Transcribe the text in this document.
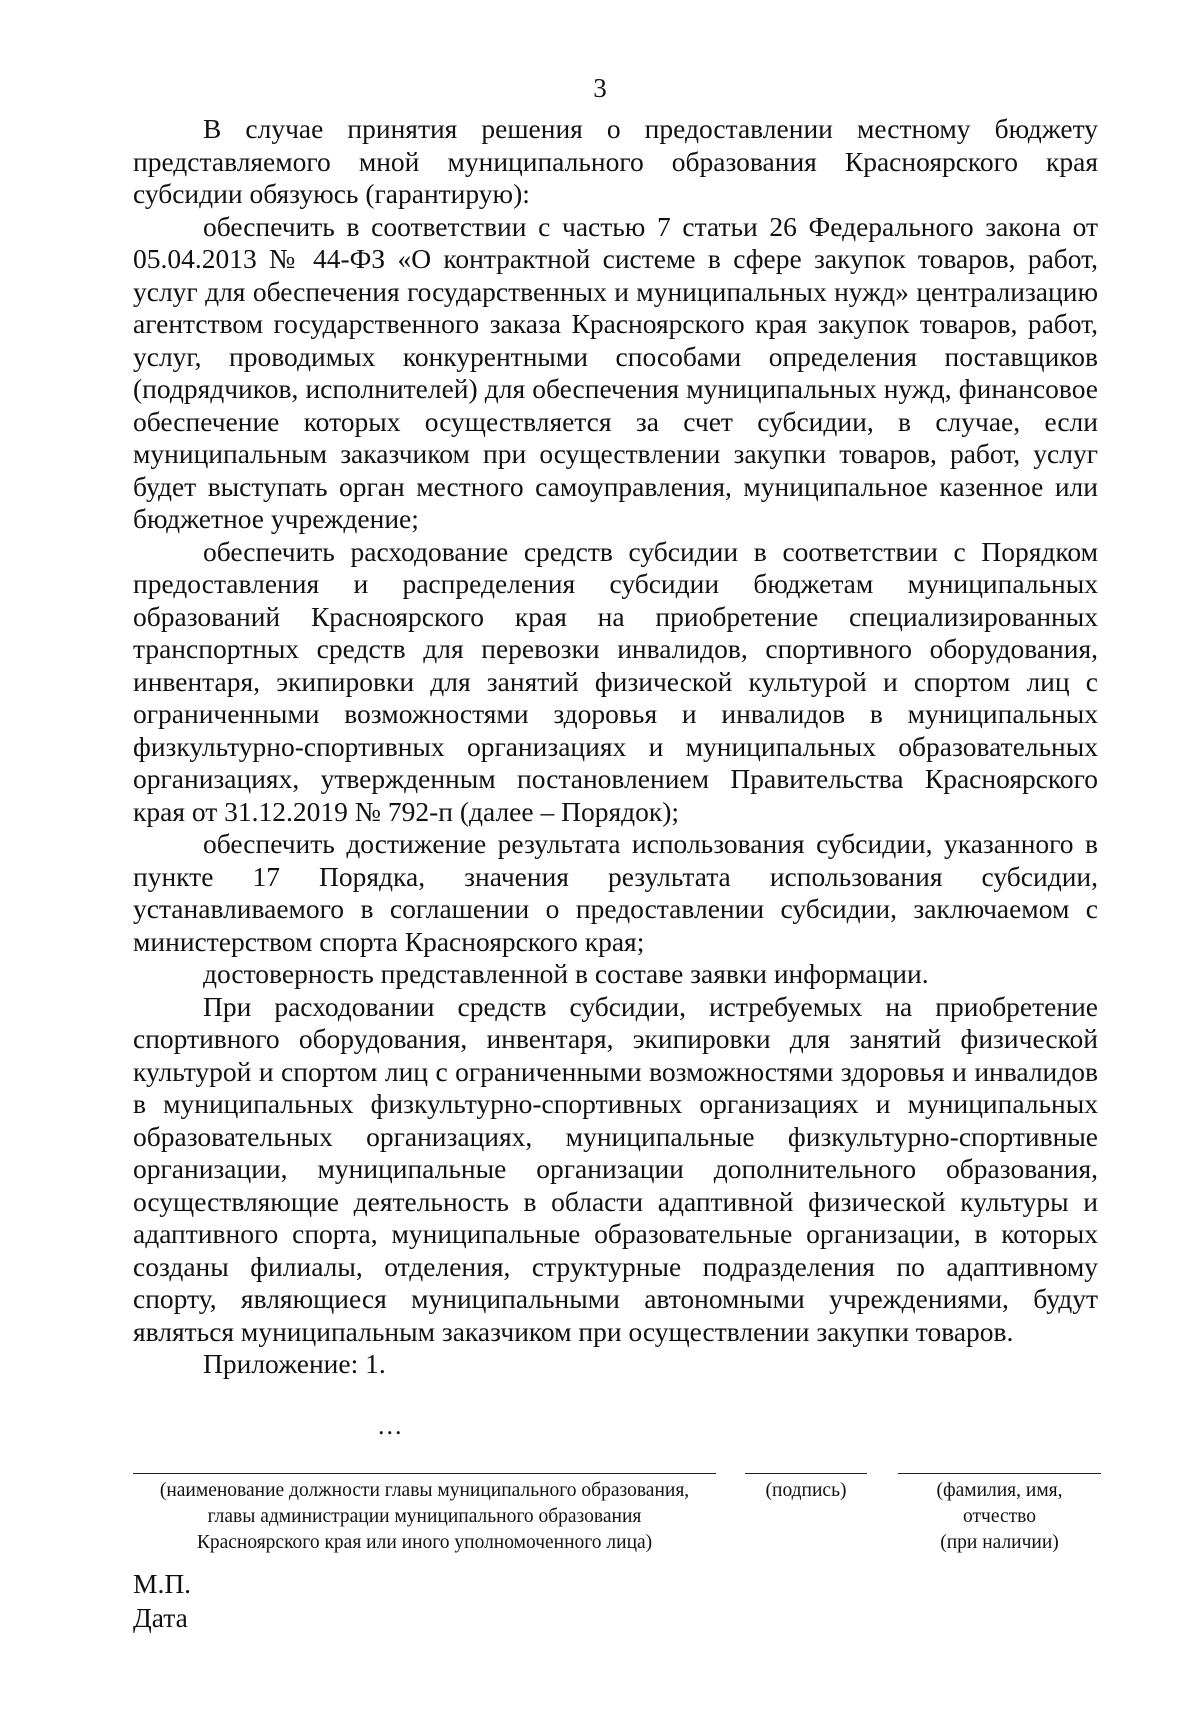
3

В случае принятия решения о предоставлении местному бюджету представляемого мной муниципального образования Красноярского края субсидии обязуюсь (гарантирую):

обеспечить в соответствии с частью 7 статьи 26 Федерального закона от 05.04.2013 № 44-ФЗ «О контрактной системе в сфере закупок товаров, работ, услуг для обеспечения государственных и муниципальных нужд» централизацию агентством государственного заказа Красноярского края закупок товаров, работ, услуг, проводимых конкурентными способами определения поставщиков (подрядчиков, исполнителей) для обеспечения муниципальных нужд, финансовое обеспечение которых осуществляется за счет субсидии, в случае, если муниципальным заказчиком при осуществлении закупки товаров, работ, услуг будет выступать орган местного самоуправления, муниципальное казенное или бюджетное учреждение;

обеспечить расходование средств субсидии в соответствии с Порядком предоставления и распределения субсидии бюджетам муниципальных образований Красноярского края на приобретение специализированных транспортных средств для перевозки инвалидов, спортивного оборудования, инвентаря, экипировки для занятий физической культурой и спортом лиц с ограниченными возможностями здоровья и инвалидов в муниципальных физкультурно-спортивных организациях и муниципальных образовательных организациях, утвержденным постановлением Правительства Красноярского края от 31.12.2019 № 792-п (далее – Порядок);

обеспечить достижение результата использования субсидии, указанного в пункте 17 Порядка, значения результата использования субсидии, устанавливаемого в соглашении о предоставлении субсидии, заключаемом с министерством спорта Красноярского края;

достоверность представленной в составе заявки информации.

При расходовании средств субсидии, истребуемых на приобретение спортивного оборудования, инвентаря, экипировки для занятий физической культурой и спортом лиц с ограниченными возможностями здоровья и инвалидов в муниципальных физкультурно-спортивных организациях и муниципальных образовательных организациях, муниципальные физкультурно-спортивные организации, муниципальные организации дополнительного образования, осуществляющие деятельность в области адаптивной физической культуры и адаптивного спорта, муниципальные образовательные организации, в которых созданы филиалы, отделения, структурные подразделения по адаптивному спорту, являющиеся муниципальными автономными учреждениями, будут являться муниципальным заказчиком при осуществлении закупки товаров.

Приложение: 1.

...
(наименование должности главы муниципального образования,
главы администрации муниципального образования
Красноярского края или иного уполномоченного лица)
(подпись)	(фамилия, имя,
отчество
(при наличии)
М.П.
Дата
